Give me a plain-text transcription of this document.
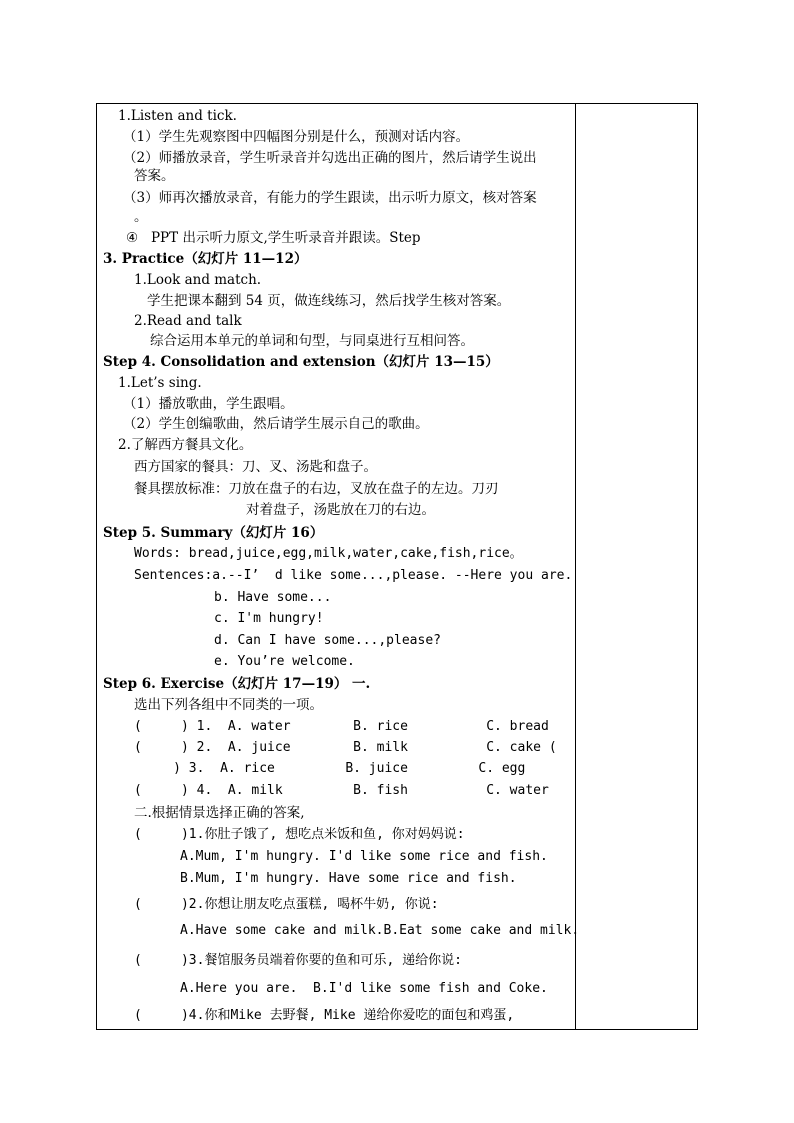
1.Listen and tick.
（1）学生先观察图中四幅图分别是什么，预测对话内容。
（2）师播放录音，学生听录音并勾选出正确的图片，然后请学生说出
答案。
（3）师再次播放录音，有能力的学生跟读，出示听力原文，核对答案
。
④   PPT 出示听力原文,学生听录音并跟读。Step
3. Practice（幻灯片 11—12）
1.Look and match.
学生把课本翻到 54 页，做连线练习，然后找学生核对答案。
2.Read and talk
综合运用本单元的单词和句型，与同桌进行互相问答。
Step 4. Consolidation and extension（幻灯片 13—15）
1.Let’s sing.
（1）播放歌曲，学生跟唱。
（2）学生创编歌曲，然后请学生展示自己的歌曲。
2.了解西方餐具文化。
西方国家的餐具：刀、叉、汤匙和盘子。
餐具摆放标准：刀放在盘子的右边，叉放在盘子的左边。刀刃
对着盘子，汤匙放在刀的右边。
Step 5. Summary（幻灯片 16）
Words: bread,juice,egg,milk,water,cake,fish,rice。
Sentences:a.--I’  d like some...,please. --Here you are.
b. Have some...
c. I'm hungry!
d. Can I have some...,please?
e. You’re welcome.
Step 6. Exercise（幻灯片 17—19） 一.
选出下列各组中不同类的一项。
(     ) 1.  A. water        B. rice          C. bread
(     ) 2.  A. juice        B. milk          C. cake (
) 3.  A. rice         B. juice         C. egg
(     ) 4.  A. milk         B. fish          C. water
二.根据情景选择正确的答案,
(     )1.你肚子饿了, 想吃点米饭和鱼, 你对妈妈说:
A.Mum, I'm hungry. I'd like some rice and fish.
B.Mum, I'm hungry. Have some rice and fish.
(     )2.你想让朋友吃点蛋糕, 喝杯牛奶, 你说:
A.Have some cake and milk.B.Eat some cake and milk.
(     )3.餐馆服务员端着你要的鱼和可乐, 递给你说:
A.Here you are.  B.I'd like some fish and Coke.
(     )4.你和Mike 去野餐, Mike 递给你爱吃的面包和鸡蛋,
